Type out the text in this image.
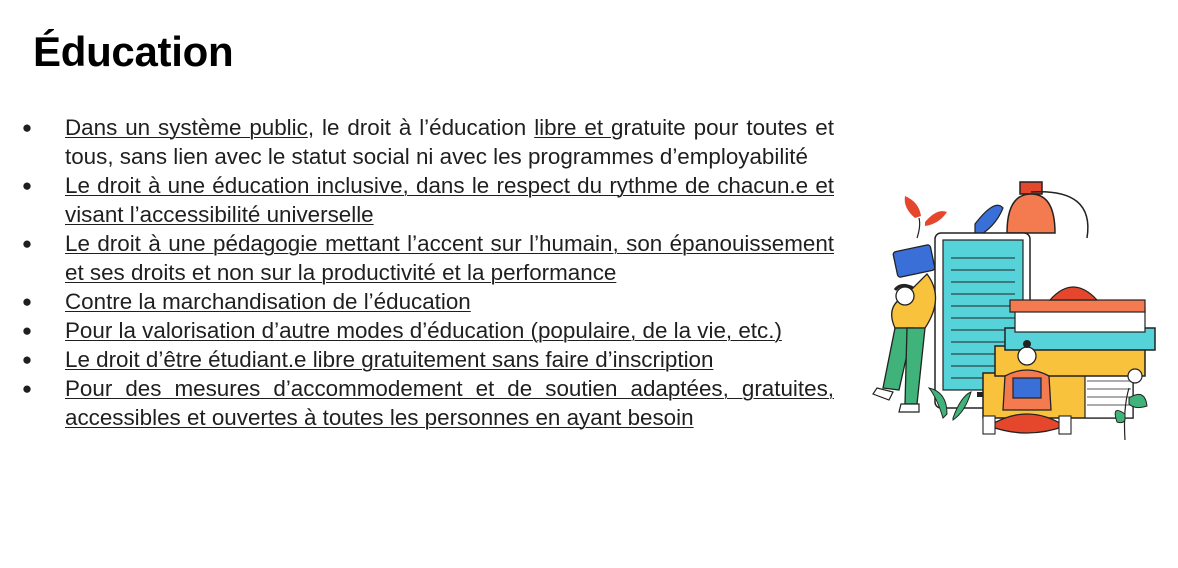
Éducation
●	Dans un système public, le droit à l’éducation libre et gratuite pour toutes et tous, sans lien avec le statut social ni avec les programmes d’employabilité
●	Le droit à une éducation inclusive, dans le respect du rythme de chacun.e et visant l’accessibilité universelle
●	Le droit à une pédagogie mettant l’accent sur l’humain, son épanouissement et ses droits et non sur la productivité et la performance
●	Contre la marchandisation de l’éducation
●	Pour la valorisation d’autre modes d’éducation (populaire, de la vie, etc.)
●	Le droit d’être étudiant.e libre gratuitement sans faire d’inscription
●	Pour des mesures d’accommodement et de soutien adaptées, gratuites, accessibles et ouvertes à toutes les personnes en ayant besoin
